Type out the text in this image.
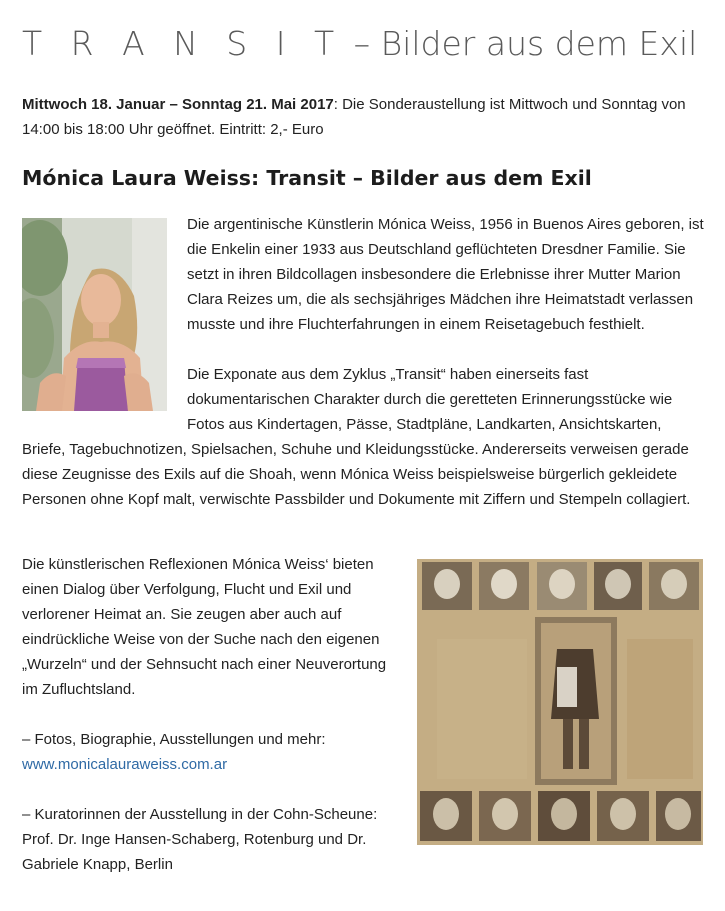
T R A N S I T – Bilder aus dem Exil

Mittwoch 18. Januar – Sonntag 21. Mai 2017: Die Sonderaustellung ist Mittwoch und Sonntag von 14:00 bis 18:00 Uhr geöffnet. Eintritt: 2,- Euro

Mónica Laura Weiss: Transit – Bilder aus dem Exil

Die argentinische Künstlerin Mónica Weiss, 1956 in Buenos Aires geboren, ist die Enkelin einer 1933 aus Deutschland geflüchteten Dresdner Familie. Sie setzt in ihren Bildcollagen insbesondere die Erlebnisse ihrer Mutter Marion Clara Reizes um, die als sechsjähriges Mädchen ihre Heimatstadt verlassen musste und ihre Fluchterfahrungen in einem Reisetagebuch festhielt.

Die Exponate aus dem Zyklus „Transit“ haben einerseits fast dokumentarischen Charakter durch die geretteten Erinnerungsstücke wie Fotos aus Kindertagen, Pässe, Stadtpläne, Landkarten, Ansichtskarten, Briefe, Tagebuchnotizen, Spielsachen, Schuhe und Kleidungsstücke. Andererseits verweisen gerade diese Zeugnisse des Exils auf die Shoah, wenn Mónica Weiss beispielsweise bürgerlich gekleidete Personen ohne Kopf malt, verwischte Passbilder und Dokumente mit Ziffern und Stempeln collagiert.

Die künstlerischen Reflexionen Mónica Weiss‘ bieten einen Dialog über Verfolgung, Flucht und Exil und verlorener Heimat an. Sie zeugen aber auch auf eindrückliche Weise von der Suche nach den eigenen „Wurzeln“ und der Sehnsucht nach einer Neuverortung im Zufluchtsland.

– Fotos, Biographie, Ausstellungen und mehr:
www.monicalauraweiss.com.ar

– Kuratorinnen der Ausstellung in der Cohn-Scheune: Prof. Dr. Inge Hansen-Schaberg, Rotenburg und Dr. Gabriele Knapp, Berlin
